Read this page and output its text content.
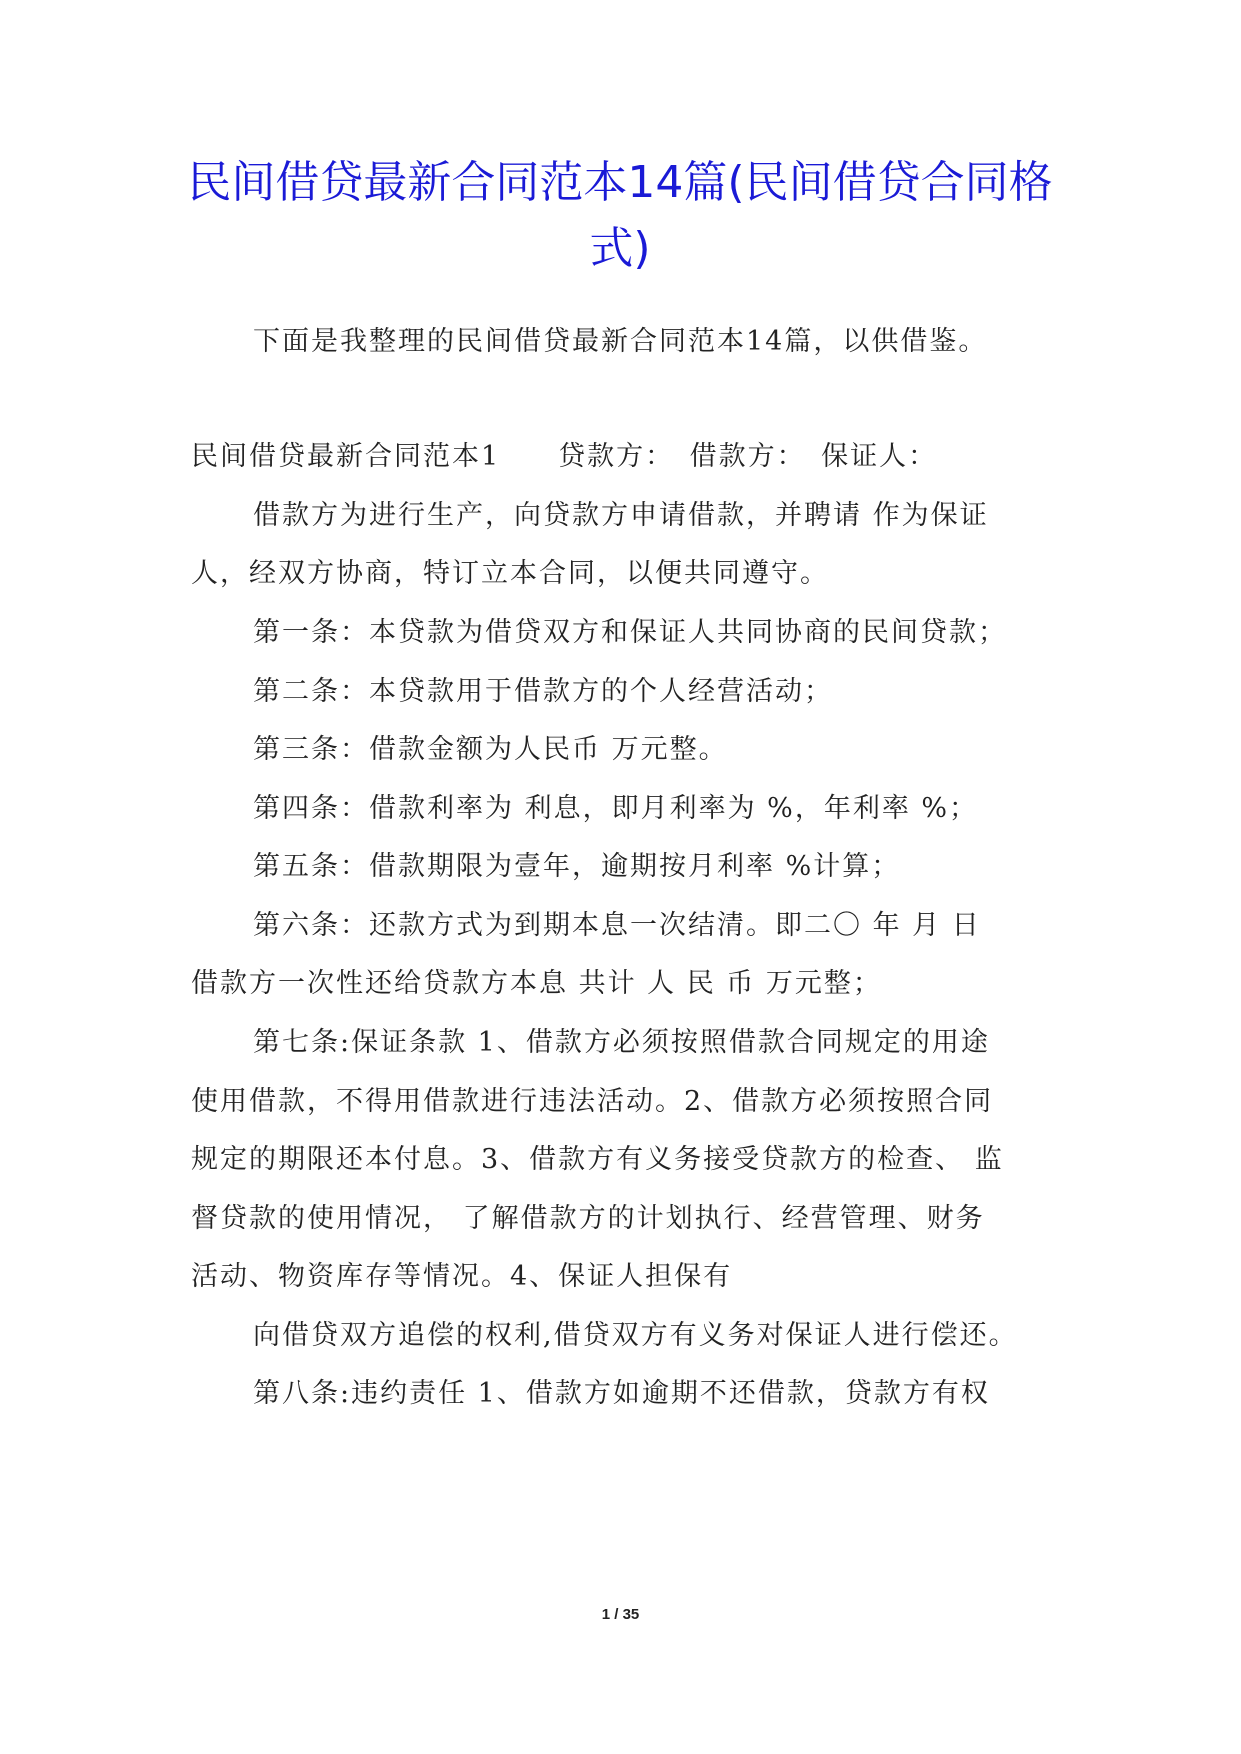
民间借贷最新合同范本14篇(民间借贷合同格式)
下面是我整理的民间借贷最新合同范本14篇，以供借鉴。
民间借贷最新合同范本1　　贷款方：　借款方：　保证人：
借款方为进行生产，向贷款方申请借款，并聘请 作为保证
人，经双方协商，特订立本合同，以便共同遵守。
第一条：本贷款为借贷双方和保证人共同协商的民间贷款；
第二条：本贷款用于借款方的个人经营活动；
第三条：借款金额为人民币 万元整。
第四条：借款利率为 利息，即月利率为 %，年利率 %；
第五条：借款期限为壹年，逾期按月利率 %计算；
第六条：还款方式为到期本息一次结清。即二〇 年 月 日
借款方一次性还给贷款方本息 共计 人 民 币 万元整；
第七条:保证条款 1、借款方必须按照借款合同规定的用途
使用借款，不得用借款进行违法活动。2、借款方必须按照合同
规定的期限还本付息。3、借款方有义务接受贷款方的检查、 监
督贷款的使用情况， 了解借款方的计划执行、经营管理、财务
活动、物资库存等情况。4、保证人担保有
向借贷双方追偿的权利,借贷双方有义务对保证人进行偿还。
第八条:违约责任 1、借款方如逾期不还借款，贷款方有权
1 / 35
